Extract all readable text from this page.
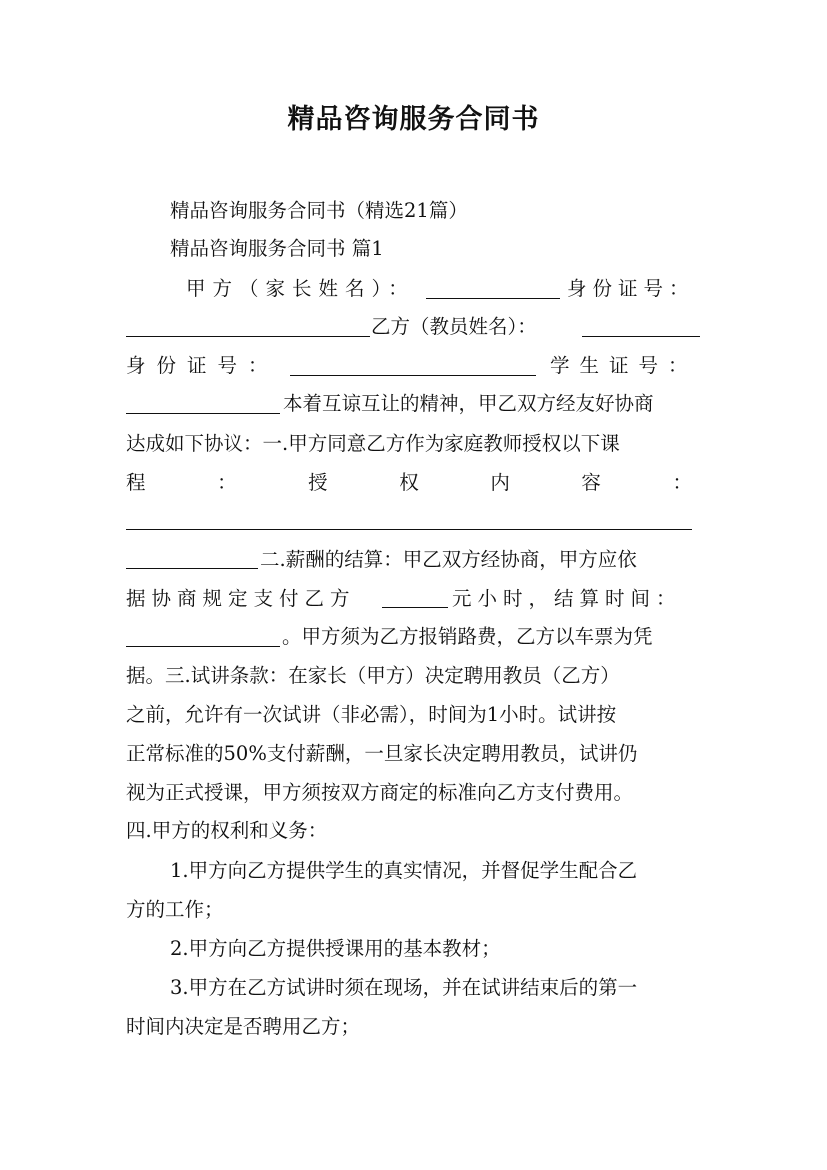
精品咨询服务合同书
精品咨询服务合同书（精选21篇）
精品咨询服务合同书 篇1
甲方（家长姓名）：	身份证号：
乙方（教员姓名）：
身份证号：	学生证号：
本着互谅互让的精神，甲乙双方经友好协商
达成如下协议：一.甲方同意乙方作为家庭教师授权以下课
程	：	授	权	内	容	：
二.薪酬的结算：甲乙双方经协商，甲方应依
据协商规定支付乙方	元小时，结算时间：
。甲方须为乙方报销路费，乙方以车票为凭
据。三.试讲条款：在家长（甲方）决定聘用教员（乙方）
之前，允许有一次试讲（非必需），时间为1小时。试讲按
正常标准的50%支付薪酬，一旦家长决定聘用教员，试讲仍
视为正式授课，甲方须按双方商定的标准向乙方支付费用。
四.甲方的权利和义务：
1.甲方向乙方提供学生的真实情况，并督促学生配合乙
方的工作；
2.甲方向乙方提供授课用的基本教材；
3.甲方在乙方试讲时须在现场，并在试讲结束后的第一
时间内决定是否聘用乙方；
